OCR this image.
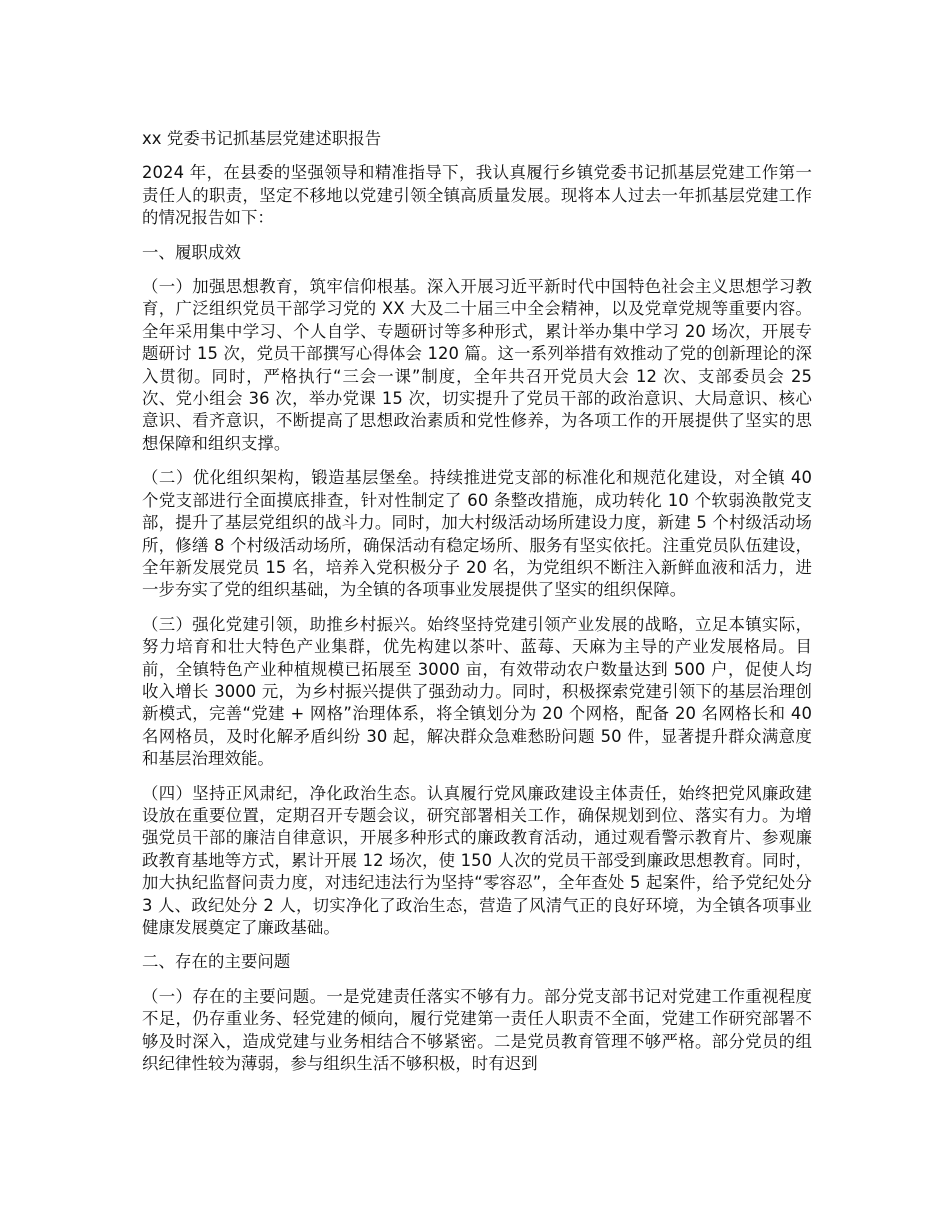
xx 党委书记抓基层党建述职报告

2024 年，在县委的坚强领导和精准指导下，我认真履行乡镇党委书记抓基层党建工作第一责任人的职责，坚定不移地以党建引领全镇高质量发展。现将本人过去一年抓基层党建工作的情况报告如下：

一、履职成效

（一）加强思想教育，筑牢信仰根基。深入开展习近平新时代中国特色社会主义思想学习教育，广泛组织党员干部学习党的 XX 大及二十届三中全会精神，以及党章党规等重要内容。全年采用集中学习、个人自学、专题研讨等多种形式，累计举办集中学习 20 场次，开展专题研讨 15 次，党员干部撰写心得体会 120 篇。这一系列举措有效推动了党的创新理论的深入贯彻。同时，严格执行“三会一课”制度，全年共召开党员大会 12 次、支部委员会 25 次、党小组会 36 次，举办党课 15 次，切实提升了党员干部的政治意识、大局意识、核心意识、看齐意识，不断提高了思想政治素质和党性修养，为各项工作的开展提供了坚实的思想保障和组织支撑。

（二）优化组织架构，锻造基层堡垒。持续推进党支部的标准化和规范化建设，对全镇 40 个党支部进行全面摸底排查，针对性制定了 60 条整改措施，成功转化 10 个软弱涣散党支部，提升了基层党组织的战斗力。同时，加大村级活动场所建设力度，新建 5 个村级活动场所，修缮 8 个村级活动场所，确保活动有稳定场所、服务有坚实依托。注重党员队伍建设，全年新发展党员 15 名，培养入党积极分子 20 名，为党组织不断注入新鲜血液和活力，进一步夯实了党的组织基础，为全镇的各项事业发展提供了坚实的组织保障。

（三）强化党建引领，助推乡村振兴。始终坚持党建引领产业发展的战略，立足本镇实际，努力培育和壮大特色产业集群，优先构建以茶叶、蓝莓、天麻为主导的产业发展格局。目前，全镇特色产业种植规模已拓展至 3000 亩，有效带动农户数量达到 500 户，促使人均收入增长 3000 元，为乡村振兴提供了强劲动力。同时，积极探索党建引领下的基层治理创新模式，完善“党建 + 网格”治理体系，将全镇划分为 20 个网格，配备 20 名网格长和 40 名网格员，及时化解矛盾纠纷 30 起，解决群众急难愁盼问题 50 件，显著提升群众满意度和基层治理效能。

（四）坚持正风肃纪，净化政治生态。认真履行党风廉政建设主体责任，始终把党风廉政建设放在重要位置，定期召开专题会议，研究部署相关工作，确保规划到位、落实有力。为增强党员干部的廉洁自律意识，开展多种形式的廉政教育活动，通过观看警示教育片、参观廉政教育基地等方式，累计开展 12 场次，使 150 人次的党员干部受到廉政思想教育。同时，加大执纪监督问责力度，对违纪违法行为坚持“零容忍”，全年查处 5 起案件，给予党纪处分 3 人、政纪处分 2 人，切实净化了政治生态，营造了风清气正的良好环境，为全镇各项事业健康发展奠定了廉政基础。

二、存在的主要问题

（一）存在的主要问题。一是党建责任落实不够有力。部分党支部书记对党建工作重视程度不足，仍存重业务、轻党建的倾向，履行党建第一责任人职责不全面，党建工作研究部署不够及时深入，造成党建与业务相结合不够紧密。二是党员教育管理不够严格。部分党员的组织纪律性较为薄弱，参与组织生活不够积极，时有迟到
